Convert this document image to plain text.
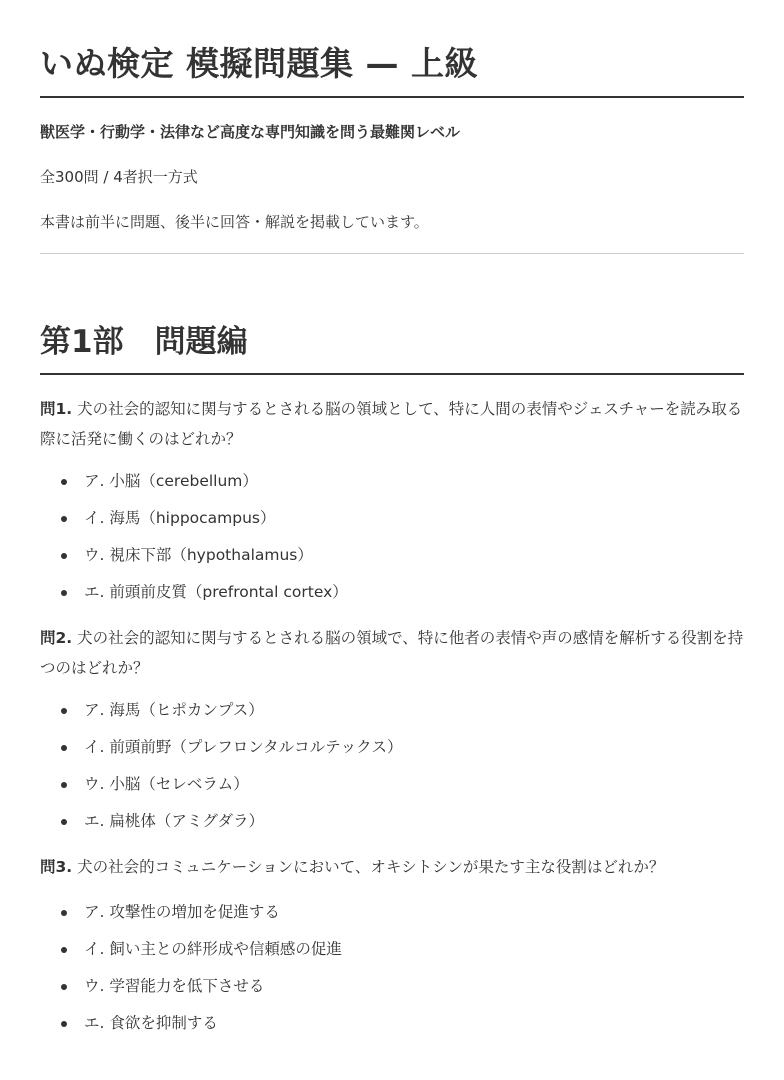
いぬ検定 模擬問題集 — 上級

獣医学・行動学・法律など高度な専門知識を問う最難関レベル

全300問 / 4者択一方式

本書は前半に問題、後半に回答・解説を掲載しています。

第1部　問題編

問1. 犬の社会的認知に関与するとされる脳の領域として、特に人間の表情やジェスチャーを読み取る際に活発に働くのはどれか？

ア. 小脳（cerebellum）
イ. 海馬（hippocampus）
ウ. 視床下部（hypothalamus）
エ. 前頭前皮質（prefrontal cortex）

問2. 犬の社会的認知に関与するとされる脳の領域で、特に他者の表情や声の感情を解析する役割を持つのはどれか？

ア. 海馬（ヒポカンプス）
イ. 前頭前野（プレフロンタルコルテックス）
ウ. 小脳（セレベラム）
エ. 扁桃体（アミグダラ）

問3. 犬の社会的コミュニケーションにおいて、オキシトシンが果たす主な役割はどれか？

ア. 攻撃性の増加を促進する
イ. 飼い主との絆形成や信頼感の促進
ウ. 学習能力を低下させる
エ. 食欲を抑制する
